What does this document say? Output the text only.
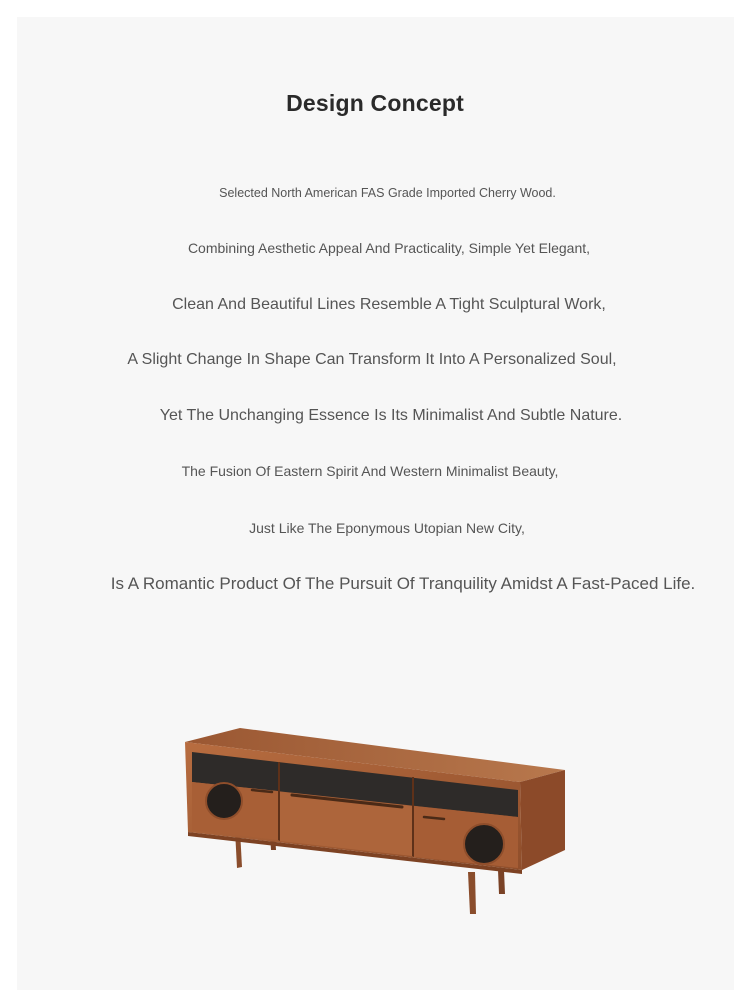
Design Concept
Selected North American FAS Grade Imported Cherry Wood.
Combining Aesthetic Appeal And Practicality, Simple Yet Elegant,
Clean And Beautiful Lines Resemble A Tight Sculptural Work,
A Slight Change In Shape Can Transform It Into A Personalized Soul,
Yet The Unchanging Essence Is Its Minimalist And Subtle Nature.
The Fusion Of Eastern Spirit And Western Minimalist Beauty,
Just Like The Eponymous Utopian New City,
Is A Romantic Product Of The Pursuit Of Tranquility Amidst A Fast-Paced Life.
